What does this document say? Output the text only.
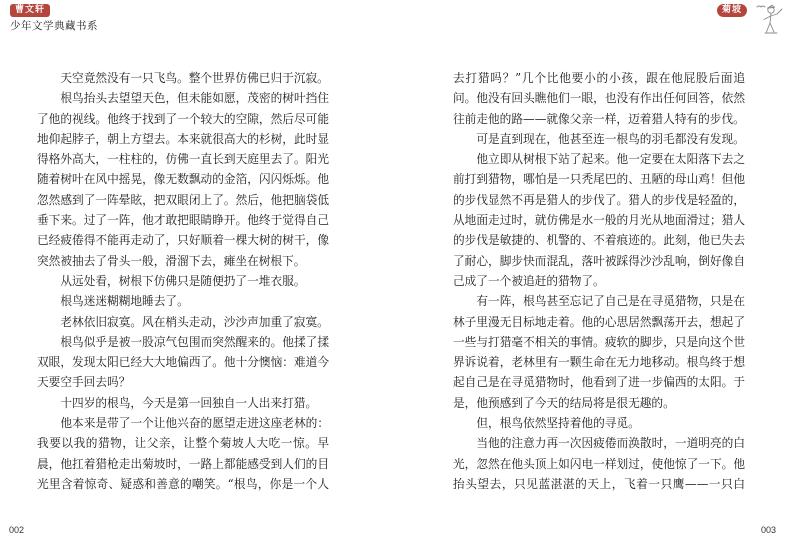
曹文轩
少年文学典藏书系

天空竟然没有一只飞鸟。整个世界仿佛已归于沉寂。

根鸟抬头去望望天色，但未能如愿，茂密的树叶挡住了他的视线。他终于找到了一个较大的空隙，然后尽可能地仰起脖子，朝上方望去。本来就很高大的杉树，此时显得格外高大，一柱柱的，仿佛一直长到天庭里去了。阳光随着树叶在风中摇晃，像无数飘动的金箔，闪闪烁烁。他忽然感到了一阵晕眩，把双眼闭上了。然后，他把脑袋低垂下来。过了一阵，他才敢把眼睛睁开。他终于觉得自己已经疲倦得不能再走动了，只好顺着一棵大树的树干，像突然被抽去了骨头一般，滑溜下去，瘫坐在树根下。

从远处看，树根下仿佛只是随便扔了一堆衣服。

根鸟迷迷糊糊地睡去了。

老林依旧寂寞。风在梢头走动，沙沙声加重了寂寞。

根鸟似乎是被一股凉气包围而突然醒来的。他揉了揉双眼，发现太阳已经大大地偏西了。他十分懊恼：难道今天要空手回去吗？

十四岁的根鸟，今天是第一回独自一人出来打猎。

他本来是带了一个让他兴奋的愿望走进这座老林的：我要以我的猎物，让父亲，让整个菊坡人大吃一惊。早晨，他扛着猎枪走出菊坡时，一路上都能感受到人们的目光里含着惊奇、疑惑和善意的嘲笑。“根鸟，你是一个人

002
菊坡

去打猎吗？”几个比他要小的小孩，跟在他屁股后面追问。他没有回头瞧他们一眼，也没有作出任何回答，依然往前走他的路——就像父亲一样，迈着猎人特有的步伐。

可是直到现在，他甚至连一根鸟的羽毛都没有发现。

他立即从树根下站了起来。他一定要在太阳落下去之前打到猎物，哪怕是一只秃尾巴的、丑陋的母山鸡！但他的步伐显然不再是猎人的步伐了。猎人的步伐是轻盈的，从地面走过时，就仿佛是水一般的月光从地面滑过；猎人的步伐是敏捷的、机警的、不着痕迹的。此刻，他已失去了耐心，脚步快而混乱，落叶被踩得沙沙乱响，倒好像自己成了一个被追赶的猎物了。

有一阵，根鸟甚至忘记了自己是在寻觅猎物，只是在林子里漫无目标地走着。他的心思居然飘荡开去，想起了一些与打猎毫不相关的事情。疲软的脚步，只是向这个世界诉说着，老林里有一颗生命在无力地移动。根鸟终于想起自己是在寻觅猎物时，他看到了进一步偏西的太阳。于是，他预感到了今天的结局将是很无趣的。

但，根鸟依然坚持着他的寻觅。

当他的注意力再一次因疲倦而涣散时，一道明亮的白光，忽然在他头顶上如闪电一样划过，使他惊了一下。他抬头望去，只见蓝湛湛的天上，飞着一只鹰——一只白

003
